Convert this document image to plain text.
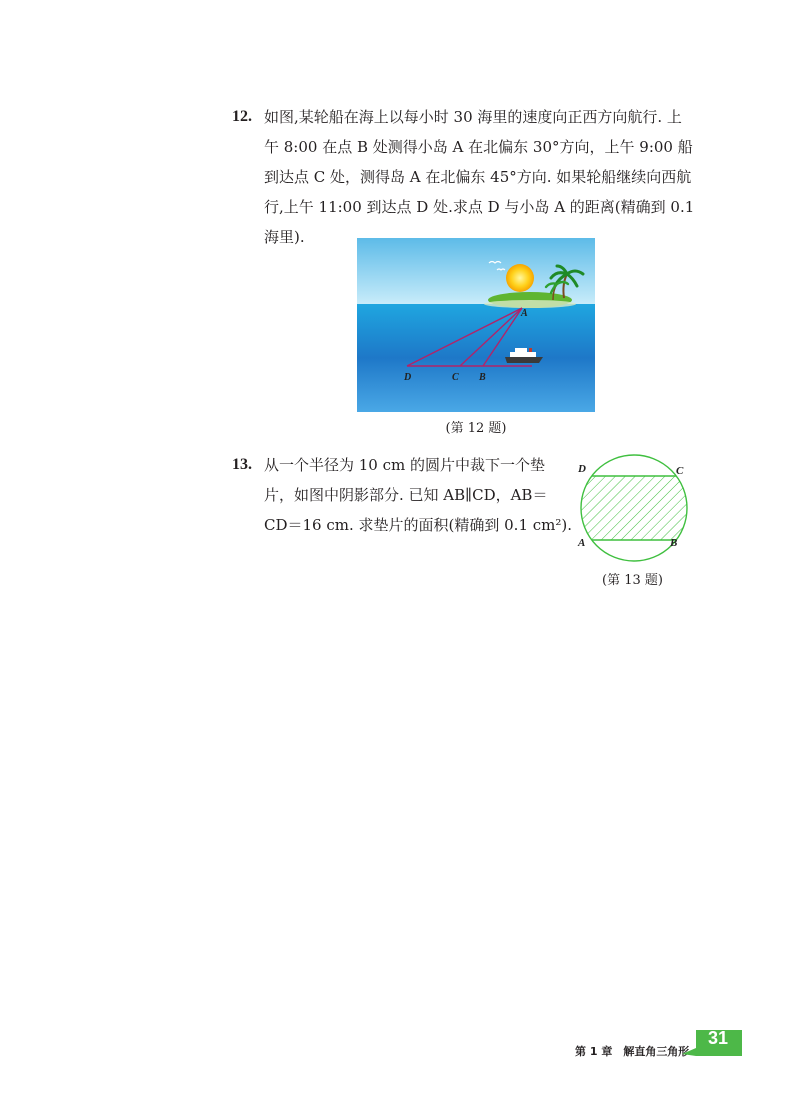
12. 如图,某轮船在海上以每小时 30 海里的速度向正西方向航行. 上
午 8:00 在点 B 处测得小岛 A 在北偏东 30°方向，上午 9:00 船
到达点 C 处，测得岛 A 在北偏东 45°方向. 如果轮船继续向西航
行,上午 11:00 到达点 D 处.求点 D 与小岛 A 的距离(精确到 0.1
海里).
A
D	C B
(第 12 题)
13. 从一个半径为 10 cm 的圆片中裁下一个垫
片，如图中阴影部分. 已知 AB∥CD，AB＝
CD＝16 cm. 求垫片的面积(精确到 0.1 cm²).
D	C
A	B
(第 13 题)
第 1 章　解直角三角形
31
